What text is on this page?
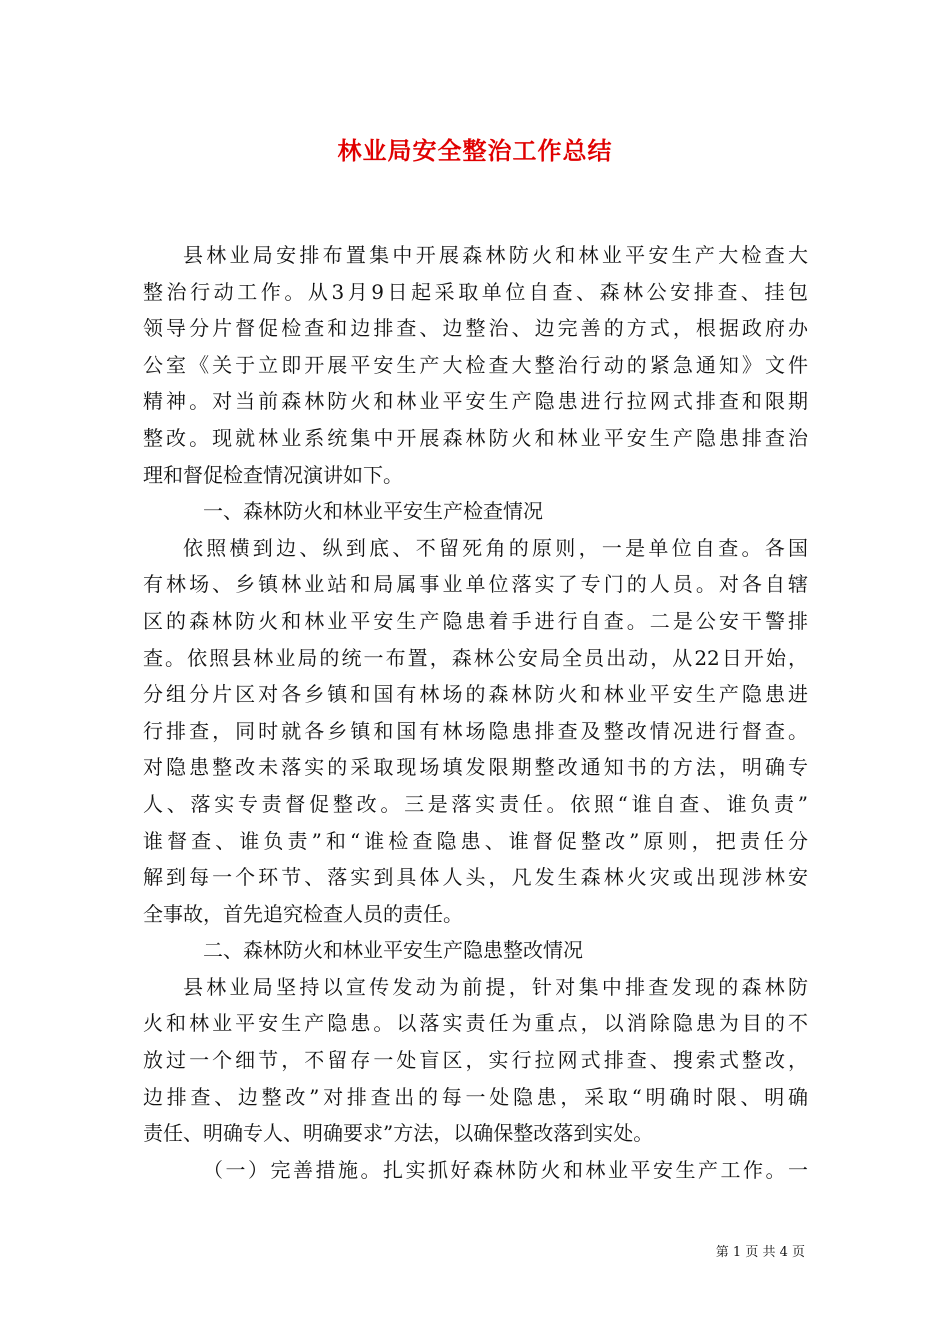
林业局安全整治工作总结
县林业局安排布置集中开展森林防火和林业平安生产大检查大
整治行动工作。从3月9日起采取单位自查、森林公安排查、挂包
领导分片督促检查和边排查、边整治、边完善的方式，根据政府办
公室《关于立即开展平安生产大检查大整治行动的紧急通知》文件
精神。对当前森林防火和林业平安生产隐患进行拉网式排查和限期
整改。现就林业系统集中开展森林防火和林业平安生产隐患排查治
理和督促检查情况演讲如下。
一、森林防火和林业平安生产检查情况
依照横到边、纵到底、不留死角的原则，一是单位自查。各国
有林场、乡镇林业站和局属事业单位落实了专门的人员。对各自辖
区的森林防火和林业平安生产隐患着手进行自查。二是公安干警排
查。依照县林业局的统一布置，森林公安局全员出动，从22日开始，
分组分片区对各乡镇和国有林场的森林防火和林业平安生产隐患进
行排查，同时就各乡镇和国有林场隐患排查及整改情况进行督查。
对隐患整改未落实的采取现场填发限期整改通知书的方法，明确专
人、落实专责督促整改。三是落实责任。依照“谁自查、谁负责”
谁督查、谁负责”和“谁检查隐患、谁督促整改”原则，把责任分
解到每一个环节、落实到具体人头，凡发生森林火灾或出现涉林安
全事故，首先追究检查人员的责任。
二、森林防火和林业平安生产隐患整改情况
县林业局坚持以宣传发动为前提，针对集中排查发现的森林防
火和林业平安生产隐患。以落实责任为重点，以消除隐患为目的不
放过一个细节，不留存一处盲区，实行拉网式排查、搜索式整改，
边排查、边整改”对排查出的每一处隐患，采取“明确时限、明确
责任、明确专人、明确要求”方法，以确保整改落到实处。
（一）完善措施。扎实抓好森林防火和林业平安生产工作。一
第 1 页 共 4 页
